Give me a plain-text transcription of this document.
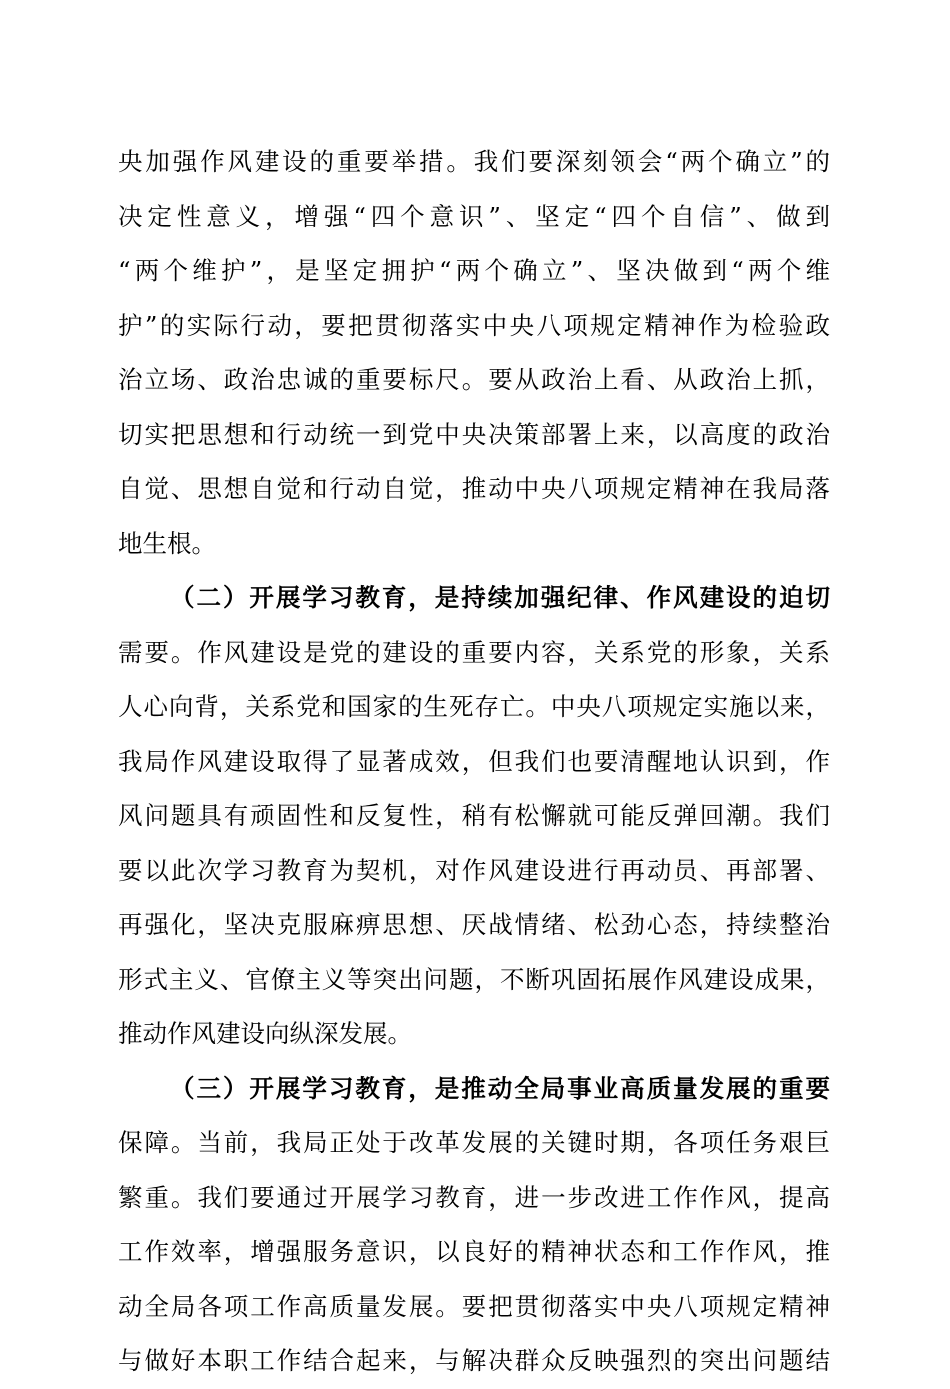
央加强作风建设的重要举措。我们要深刻领会“两个确立”的
决定性意义，增强“四个意识”、坚定“四个自信”、做到
“两个维护”，是坚定拥护“两个确立”、坚决做到“两个维
护”的实际行动，要把贯彻落实中央八项规定精神作为检验政
治立场、政治忠诚的重要标尺。要从政治上看、从政治上抓，
切实把思想和行动统一到党中央决策部署上来，以高度的政治
自觉、思想自觉和行动自觉，推动中央八项规定精神在我局落
地生根。
（二）开展学习教育，是持续加强纪律、作风建设的迫切
需要。作风建设是党的建设的重要内容，关系党的形象，关系
人心向背，关系党和国家的生死存亡。中央八项规定实施以来，
我局作风建设取得了显著成效，但我们也要清醒地认识到，作
风问题具有顽固性和反复性，稍有松懈就可能反弹回潮。我们
要以此次学习教育为契机，对作风建设进行再动员、再部署、
再强化，坚决克服麻痹思想、厌战情绪、松劲心态，持续整治
形式主义、官僚主义等突出问题，不断巩固拓展作风建设成果，
推动作风建设向纵深发展。
（三）开展学习教育，是推动全局事业高质量发展的重要
保障。当前，我局正处于改革发展的关键时期，各项任务艰巨
繁重。我们要通过开展学习教育，进一步改进工作作风，提高
工作效率，增强服务意识，以良好的精神状态和工作作风，推
动全局各项工作高质量发展。要把贯彻落实中央八项规定精神
与做好本职工作结合起来，与解决群众反映强烈的突出问题结
